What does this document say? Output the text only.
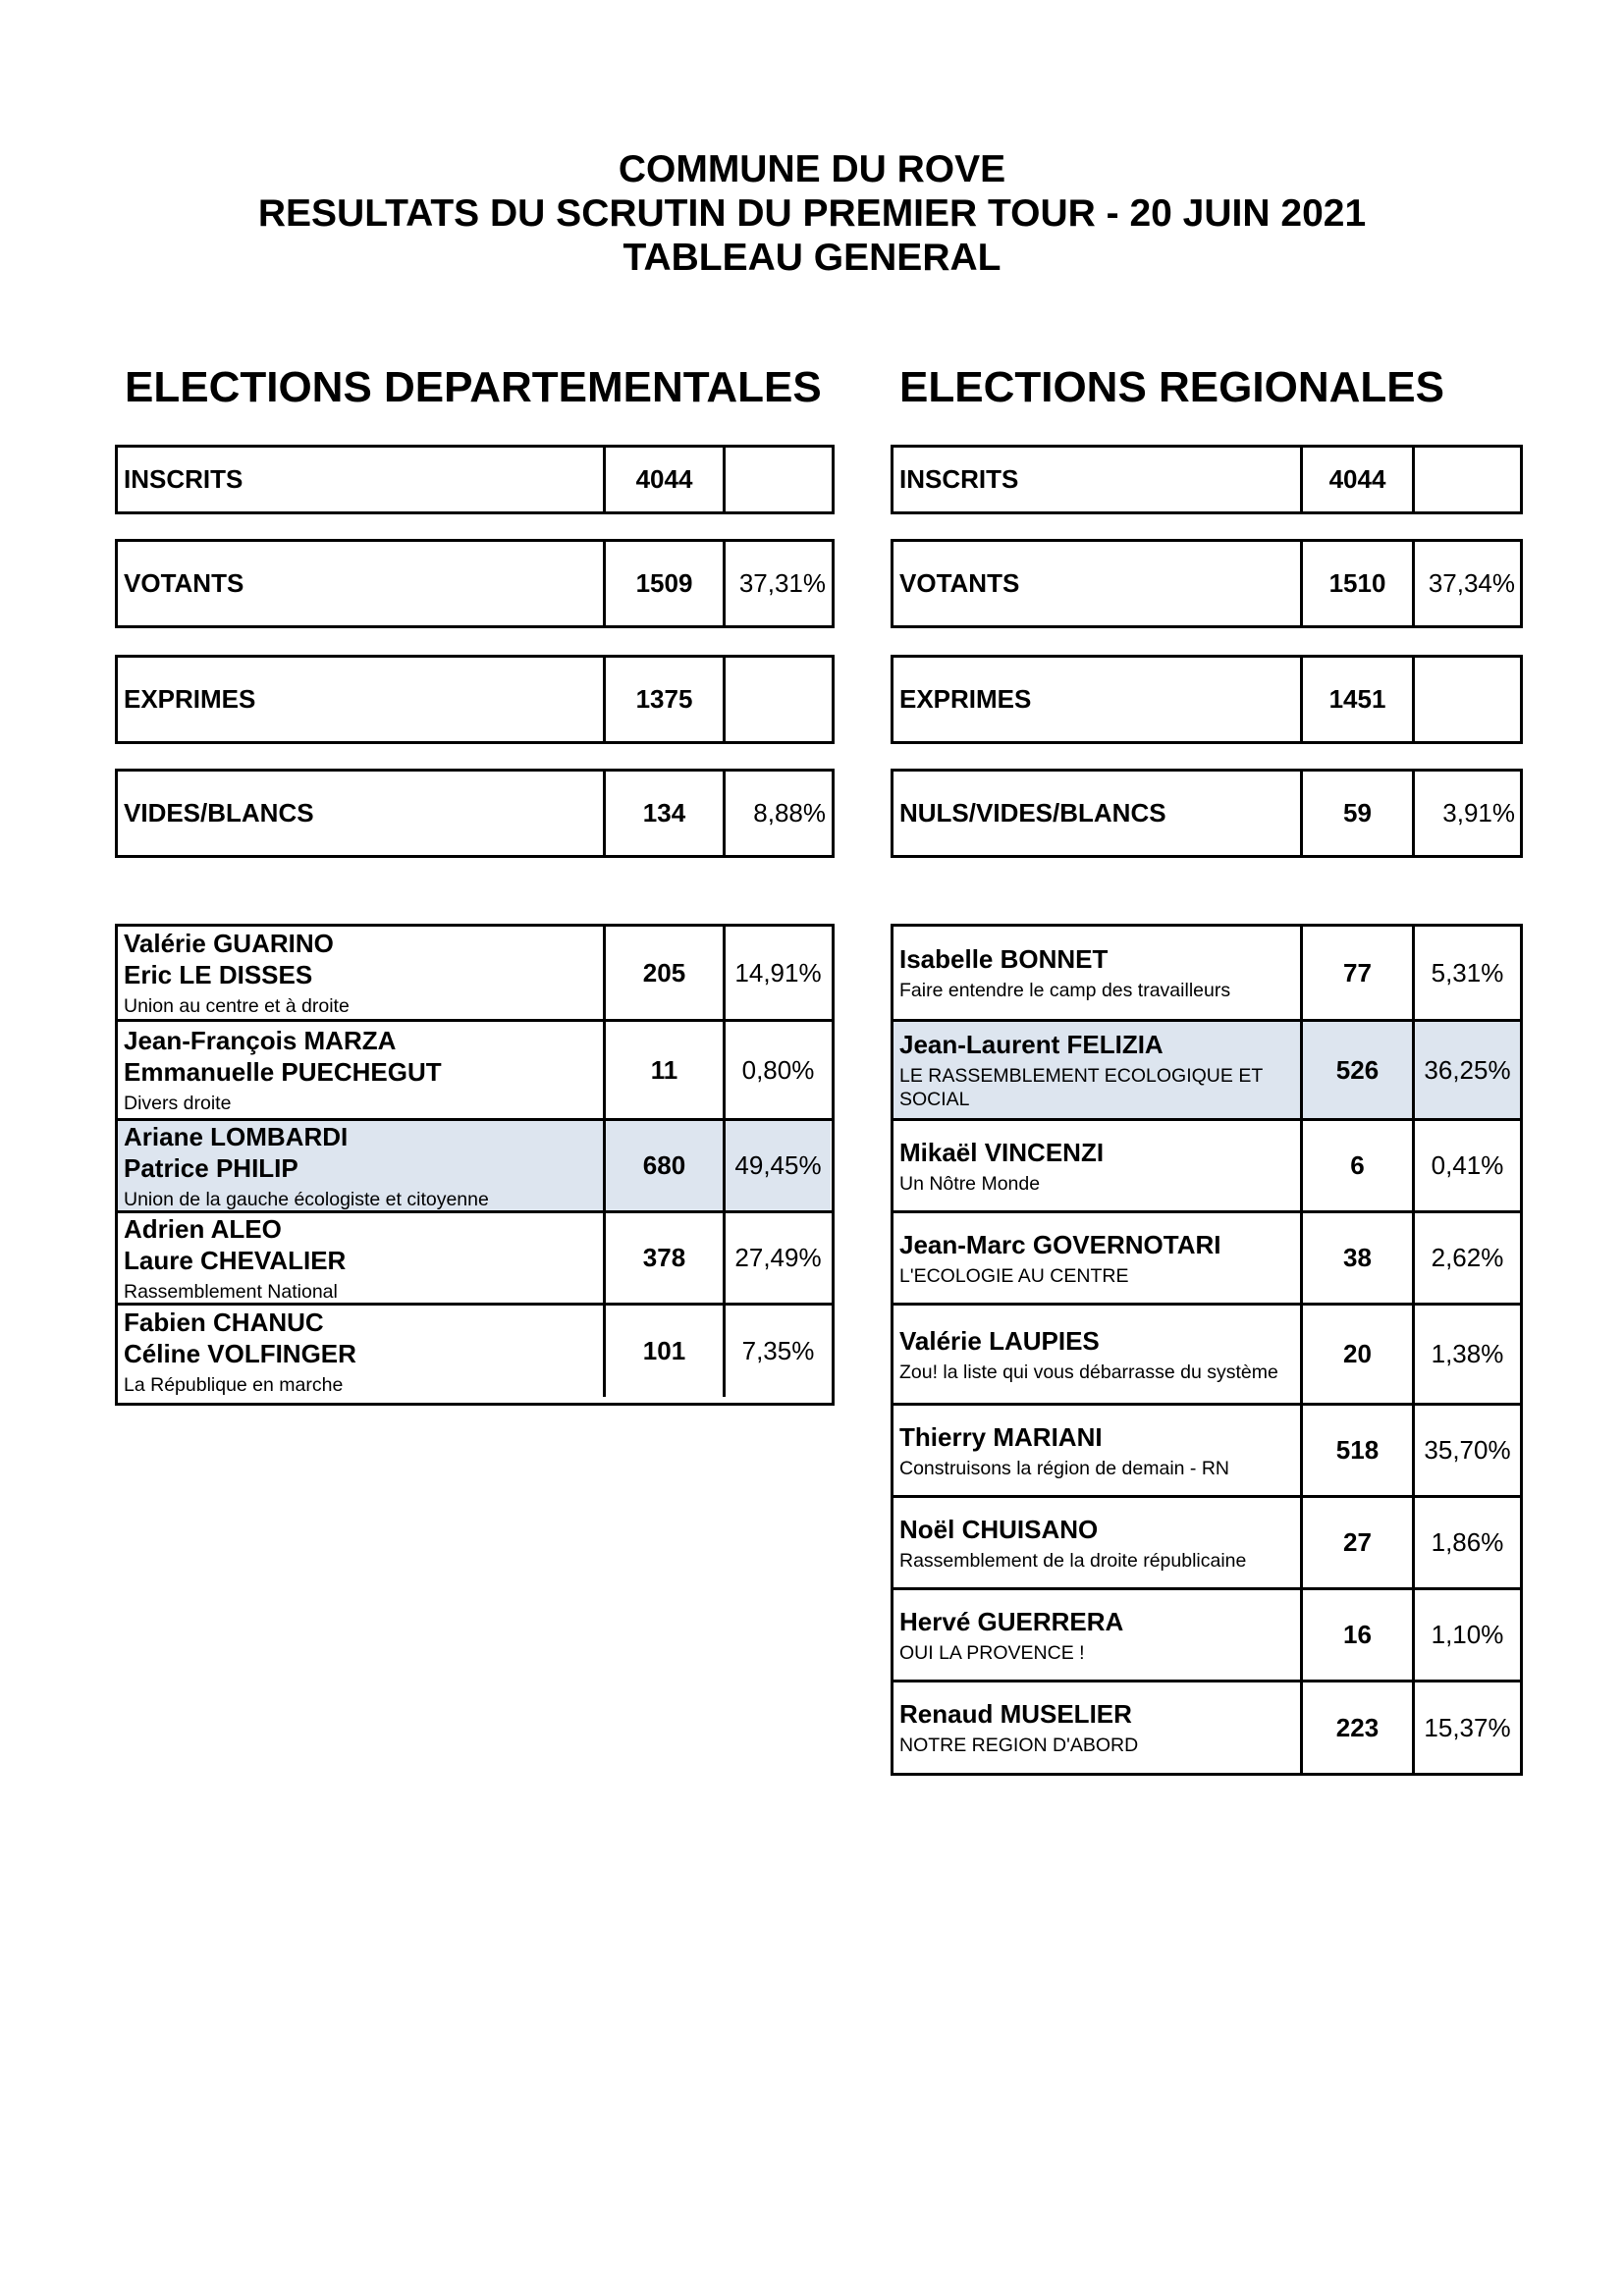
COMMUNE DU ROVE
RESULTATS DU SCRUTIN DU PREMIER TOUR - 20 JUIN 2021
TABLEAU GENERAL
ELECTIONS DEPARTEMENTALES ELECTIONS REGIONALES
INSCRITS	4044
VOTANTS	1509	37,31%
EXPRIMES	1375
VIDES/BLANCS	134	8,88%
INSCRITS	4044
VOTANTS	1510	37,34%
EXPRIMES	1451
NULS/VIDES/BLANCS	59	3,91%
Valérie GUARINO
Eric LE DISSES
Union au centre et à droite
205	14,91%
Jean-François MARZA
Emmanuelle PUECHEGUT
Divers droite
11	0,80%
Ariane LOMBARDI
Patrice PHILIP
Union de la gauche écologiste et citoyenne
680	49,45%
Adrien ALEO
Laure CHEVALIER
Rassemblement National
378	27,49%
Fabien CHANUC
Céline VOLFINGER
La République en marche
101	7,35%
Isabelle BONNET
Faire entendre le camp des travailleurs
77	5,31%
Jean-Laurent FELIZIA
LE RASSEMBLEMENT ECOLOGIQUE ET SOCIAL
526	36,25%
Mikaël VINCENZI
Un Nôtre Monde
6	0,41%
Jean-Marc GOVERNOTARI
L'ECOLOGIE AU CENTRE
38	2,62%
Valérie LAUPIES
Zou! la liste qui vous débarrasse du système
20	1,38%
Thierry MARIANI
Construisons la région de demain - RN
518	35,70%
Noël CHUISANO
Rassemblement de la droite républicaine
27	1,86%
Hervé GUERRERA
OUI LA PROVENCE !
16	1,10%
Renaud MUSELIER
NOTRE REGION D'ABORD
223	15,37%
